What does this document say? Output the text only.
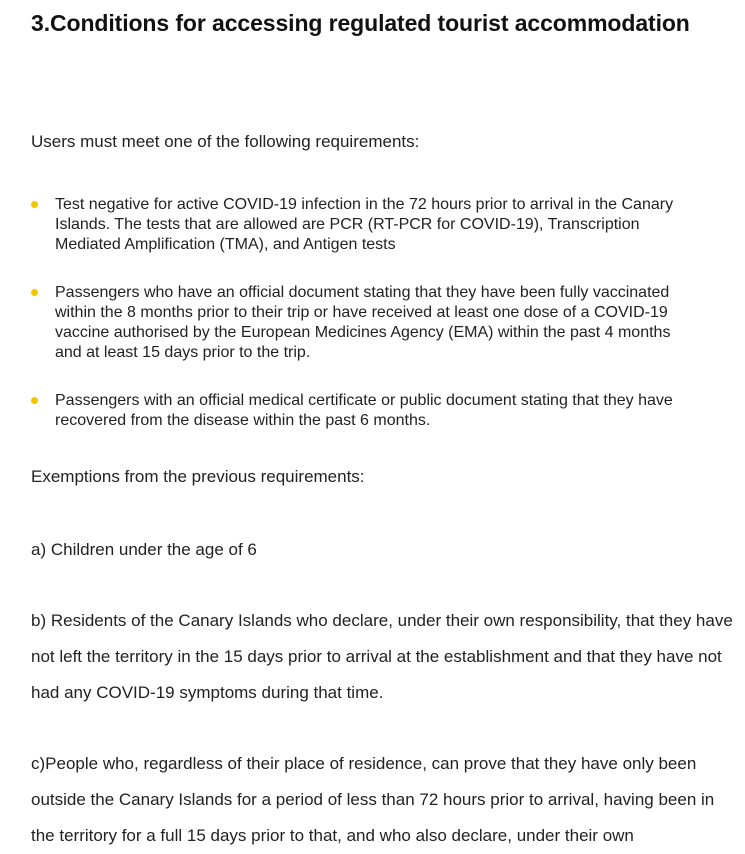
3.Conditions for accessing regulated tourist accommodation

Users must meet one of the following requirements:

Test negative for active COVID-19 infection in the 72 hours prior to arrival in the Canary
Islands. The tests that are allowed are PCR (RT-PCR for COVID-19), Transcription
Mediated Amplification (TMA), and Antigen tests
Passengers who have an official document stating that they have been fully vaccinated
within the 8 months prior to their trip or have received at least one dose of a COVID-19
vaccine authorised by the European Medicines Agency (EMA) within the past 4 months
and at least 15 days prior to the trip.
Passengers with an official medical certificate or public document stating that they have
recovered from the disease within the past 6 months.

Exemptions from the previous requirements:

a) Children under the age of 6
b) Residents of the Canary Islands who declare, under their own responsibility, that they have
not left the territory in the 15 days prior to arrival at the establishment and that they have not
had any COVID-19 symptoms during that time.
c)People who, regardless of their place of residence, can prove that they have only been
outside the Canary Islands for a period of less than 72 hours prior to arrival, having been in
the territory for a full 15 days prior to that, and who also declare, under their own
